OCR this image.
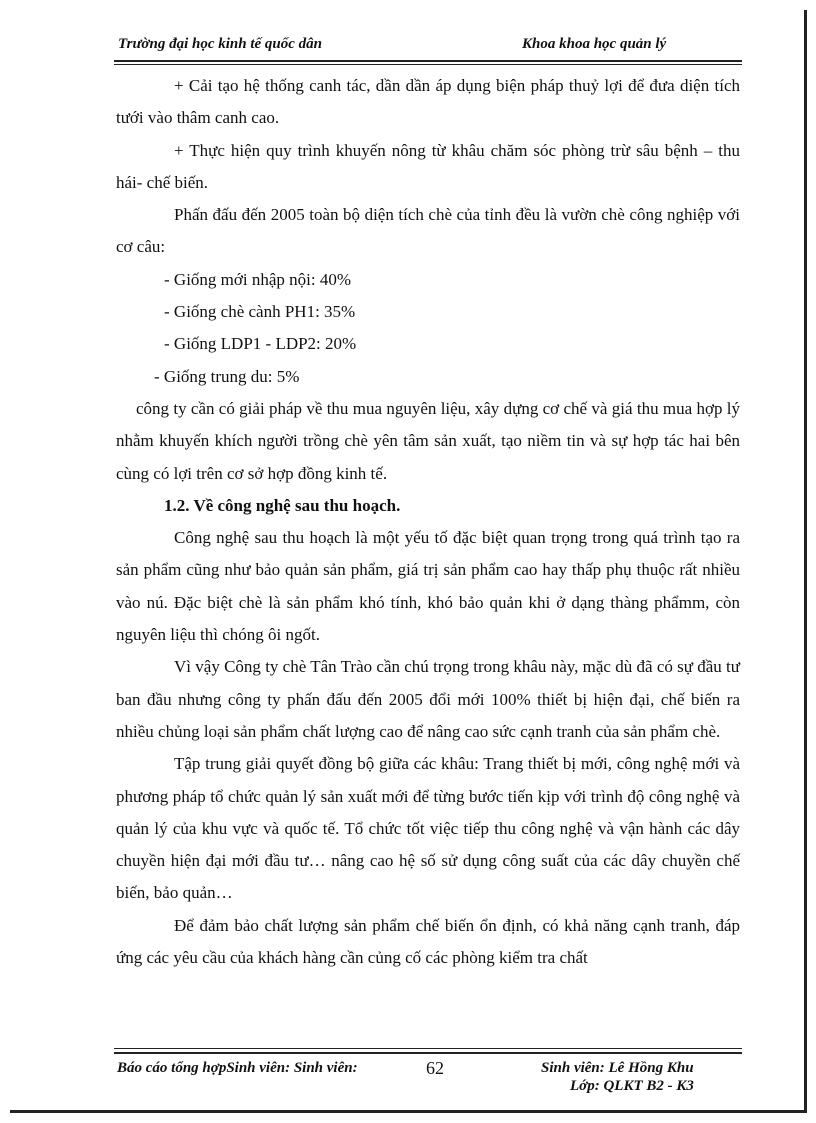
Trường đại học kinh tế quốc dân	Khoa khoa học quản lý

+ Cải tạo hệ thống canh tác, dần dần áp dụng biện pháp thuỷ lợi để đưa diện tích tưới vào thâm canh cao.

+ Thực hiện quy trình khuyến nông từ khâu chăm sóc phòng trừ sâu bệnh – thu hái- chế biến.

Phấn đấu đến 2005 toàn bộ diện tích chè của tỉnh đều là vườn chè công nghiệp với cơ câu:

- Giống mới nhập nội: 40%

- Giống chè cành PH1: 35%

- Giống LDP1 - LDP2: 20%

- Giống trung du: 5%

công ty cần có giải pháp về thu mua nguyên liệu, xây dựng cơ chế và giá thu mua hợp lý nhằm khuyến khích người trồng chè yên tâm sản xuất, tạo niềm tin và sự hợp tác hai bên cùng có lợi trên cơ sở hợp đồng kinh tế.

1.2. Về công nghệ sau thu hoạch.

Công nghệ sau thu hoạch là một yếu tố đặc biệt quan trọng trong quá trình tạo ra sản phẩm cũng như bảo quản sản phẩm, giá trị sản phẩm cao hay thấp phụ thuộc rất nhiều vào nú. Đặc biệt chè là sản phẩm khó tính, khó bảo quản khi ở dạng thàng phẩmm, còn nguyên liệu thì chóng ôi ngốt.

Vì vậy Công ty chè Tân Trào cần chú trọng trong khâu này, mặc dù đã có sự đầu tư ban đầu nhưng công ty phấn đấu đến 2005 đổi mới 100% thiết bị hiện đại, chế biến ra nhiều chủng loại sản phẩm chất lượng cao để nâng cao sức cạnh tranh của sản phẩm chè.

Tập trung giải quyết đồng bộ giữa các khâu: Trang thiết bị mới, công nghệ mới và phương pháp tổ chức quản lý sản xuất mới để từng bước tiến kịp với trình độ công nghệ và quản lý của khu vực và quốc tế. Tổ chức tốt việc tiếp thu công nghệ và vận hành các dây chuyền hiện đại mới đầu tư… nâng cao hệ số sử dụng công suất của các dây chuyền chế biến, bảo quản…

Để đảm bảo chất lượng sản phẩm chế biến ổn định, có khả năng cạnh tranh, đáp ứng các yêu cầu của khách hàng cần củng cố các phòng kiểm tra chất

Báo cáo tổng hợpSinh viên: Sinh viên:	62	Sinh viên: Lê Hồng Khu
Lớp: QLKT B2 - K3
